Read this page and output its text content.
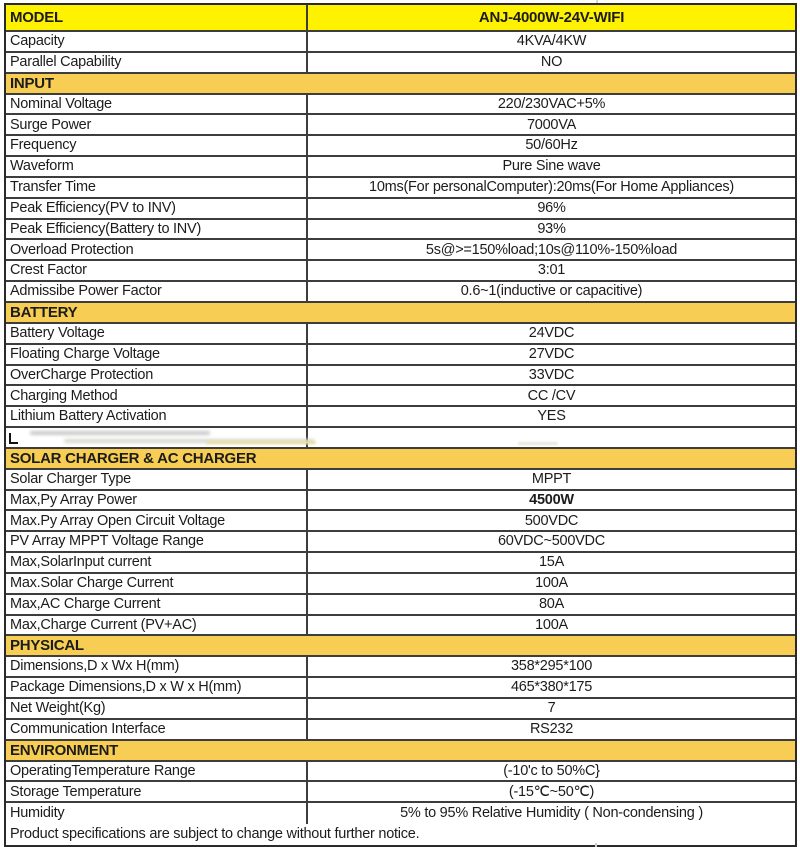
MODEL	ANJ-4000W-24V-WIFI
Capacity	4KVA/4KW
Parallel Capability	NO
INPUT
Nominal Voltage	220/230VAC+5%
Surge Power	7000VA
Frequency	50/60Hz
Waveform	Pure Sine wave
Transfer Time	10ms(For personalComputer):20ms(For Home Appliances)
Peak Efficiency(PV to INV)	96%
Peak Efficiency(Battery to INV)	93%
Overload Protection	5s@>=150%load;10s@110%-150%load
Crest Factor	3:01
Admissibe Power Factor	0.6~1(inductive or capacitive)
BATTERY
Battery Voltage	24VDC
Floating Charge Voltage	27VDC
OverCharge Protection	33VDC
Charging Method	CC /CV
Lithium Battery Activation	YES
SOLAR CHARGER & AC CHARGER
Solar Charger Type	MPPT
Max,Py Array Power	4500W
Max.Py Array Open Circuit Voltage	500VDC
PV Array MPPT Voltage Range	60VDC~500VDC
Max,SolarInput current	15A
Max.Solar Charge Current	100A
Max,AC Charge Current	80A
Max,Charge Current (PV+AC)	100A
PHYSICAL
Dimensions,D x Wx H(mm)	358*295*100
Package Dimensions,D x W x H(mm)	465*380*175
Net Weight(Kg)	7
Communication Interface	RS232
ENVIRONMENT
OperatingTemperature Range	(-10'c to 50%C}
Storage Temperature	(-15℃~50℃)
Humidity	5% to 95% Relative Humidity ( Non-condensing )
Product specifications are subject to change without further notice.
